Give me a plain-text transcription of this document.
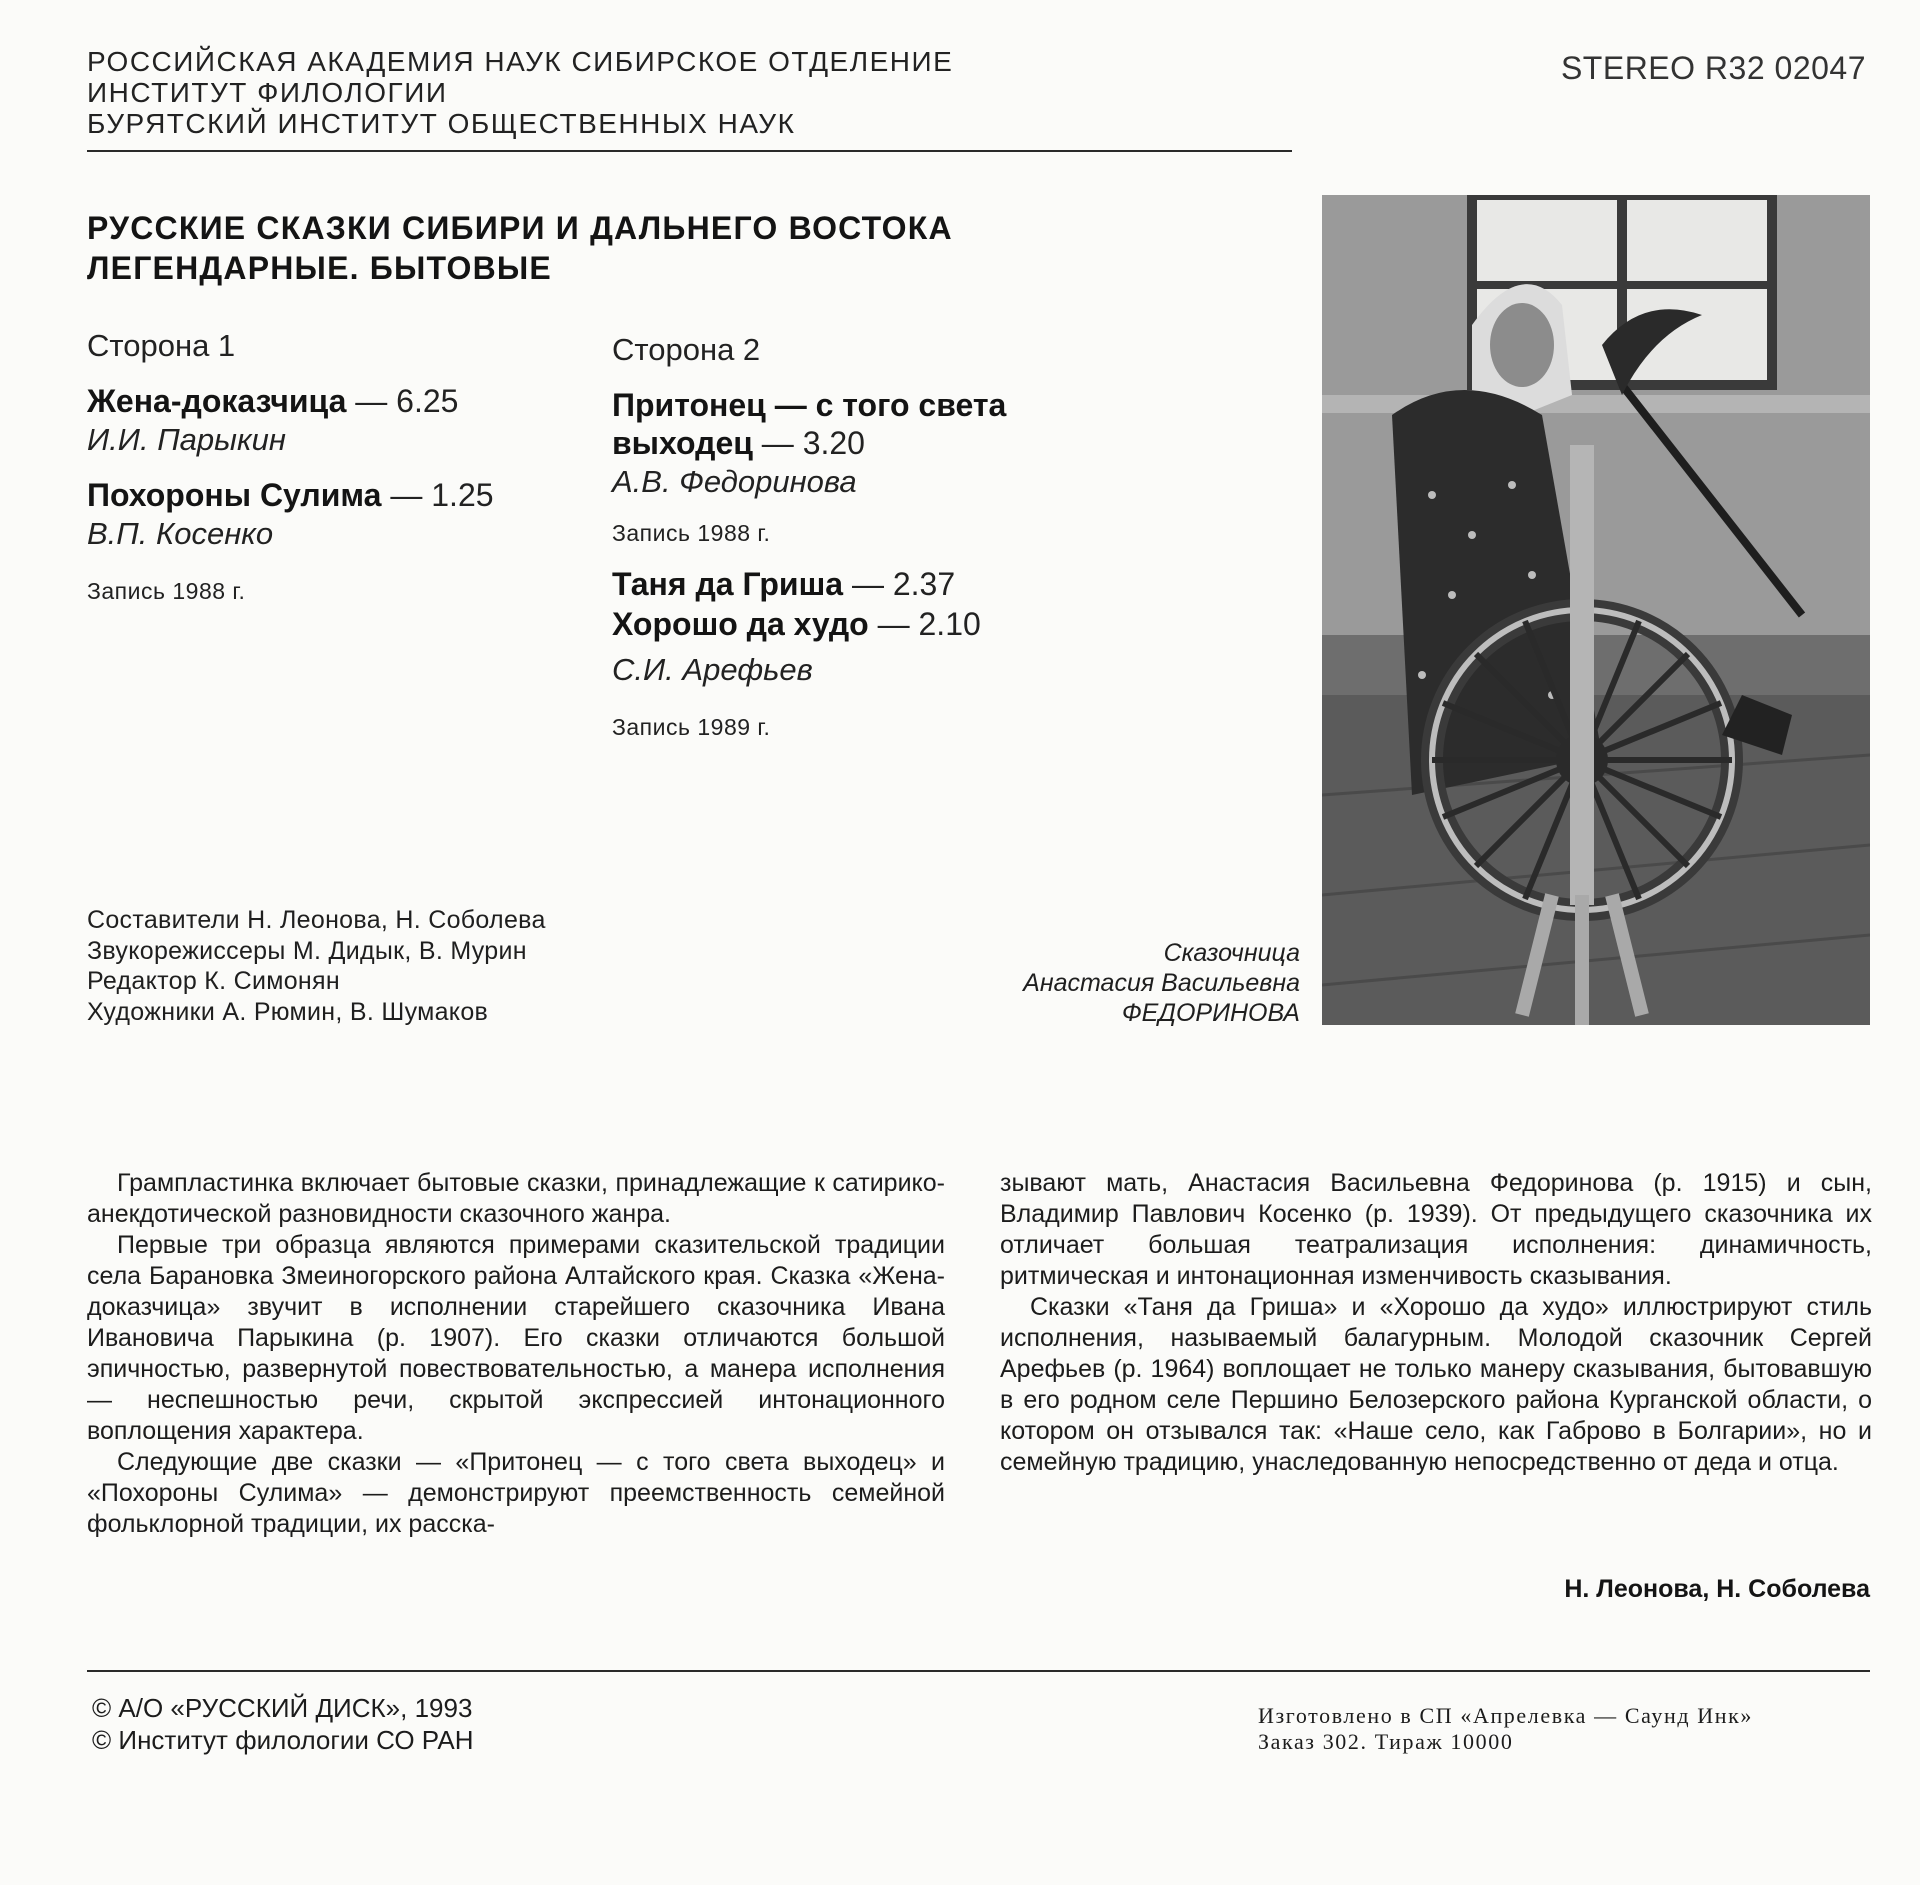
РОССИЙСКАЯ АКАДЕМИЯ НАУК СИБИРСКОЕ ОТДЕЛЕНИЕ
ИНСТИТУТ ФИЛОЛОГИИ
БУРЯТСКИЙ ИНСТИТУТ ОБЩЕСТВЕННЫХ НАУК
STEREO R32 02047
РУССКИЕ СКАЗКИ СИБИРИ И ДАЛЬНЕГО ВОСТОКА
ЛЕГЕНДАРНЫЕ. БЫТОВЫЕ
Сторона 1
Жена-доказчица — 6.25
И.И. Парыкин
Похороны Сулима — 1.25
В.П. Косенко
Запись 1988 г.
Сторона 2
Притонец — с того света
выходец — 3.20
А.В. Федоринова
Запись 1988 г.
Таня да Гриша — 2.37
Хорошо да худо — 2.10
С.И. Арефьев
Запись 1989 г.
Составители Н. Леонова, Н. Соболева
Звукорежиссеры М. Дидык, В. Мурин
Редактор К. Симонян
Художники А. Рюмин, В. Шумаков
Сказочница
Анастасия Васильевна
ФЕДОРИНОВА

Грампластинка включает бытовые сказки, принадлежащие к сатирико-анекдотической разновидности сказочного жанра.

Первые три образца являются примерами сказительской традиции села Барановка Змеиногорского района Алтайского края. Сказка «Жена-доказчица» звучит в исполнении старейшего сказочника Ивана Ивановича Парыкина (р. 1907). Его сказки отличаются большой эпичностью, развернутой повествовательностью, а манера исполнения — неспешностью речи, скрытой экспрессией интонационного воплощения характера.

Следующие две сказки — «Притонец — с того света выходец» и «Похороны Сулима» — демонстрируют преемственность семейной фольклорной традиции, их расска-

зывают мать, Анастасия Васильевна Федоринова (р. 1915) и сын, Владимир Павлович Косенко (р. 1939). От предыдущего сказочника их отличает большая театрализация исполнения: динамичность, ритмическая и интонационная изменчивость сказывания.

Сказки «Таня да Гриша» и «Хорошо да худо» иллюстрируют стиль исполнения, называемый балагурным. Молодой сказочник Сергей Арефьев (р. 1964) воплощает не только манеру сказывания, бытовавшую в его родном селе Першино Белозерского района Курганской области, о котором он отзывался так: «Наше село, как Габрово в Болгарии», но и семейную традицию, унаследованную непосредственно от деда и отца.

Н. Леонова, Н. Соболева
© А/О «РУССКИЙ ДИСК», 1993
© Институт филологии СО РАН
Изготовлено в СП «Апрелевка — Саунд Инк»
Заказ 302. Тираж 10000
